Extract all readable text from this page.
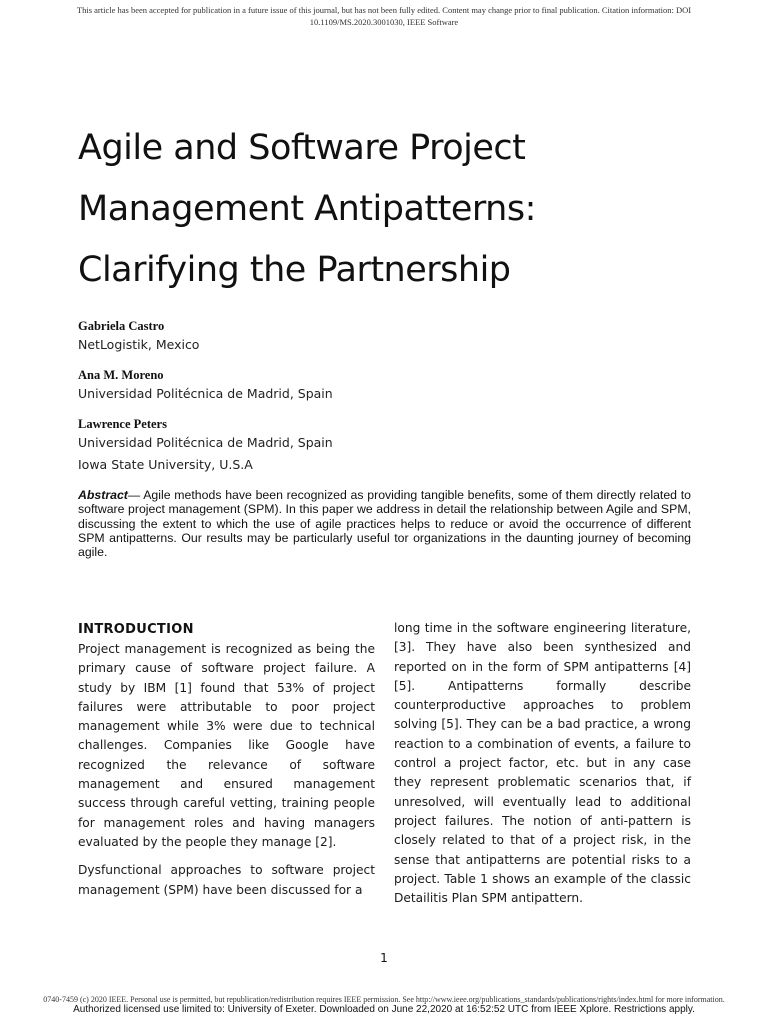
This article has been accepted for publication in a future issue of this journal, but has not been fully edited. Content may change prior to final publication. Citation information: DOI 10.1109/MS.2020.3001030, IEEE Software
Agile and Software Project
Management Antipatterns:
Clarifying the Partnership
Gabriela Castro
NetLogistik, Mexico
Ana M. Moreno
Universidad Politécnica de Madrid, Spain
Lawrence Peters
Universidad Politécnica de Madrid, Spain
Iowa State University, U.S.A
Abstract— Agile methods have been recognized as providing tangible benefits, some of them directly related to software project management (SPM). In this paper we address in detail the relationship between Agile and SPM, discussing the extent to which the use of agile practices helps to reduce or avoid the occurrence of different SPM antipatterns. Our results may be particularly useful tor organizations in the daunting journey of becoming agile.
INTRODUCTION

Project management is recognized as being the primary cause of software project failure. A study by IBM [1] found that 53% of project failures were attributable to poor project management while 3% were due to technical challenges. Companies like Google have recognized the relevance of software management and ensured management success through careful vetting, training people for management roles and having managers evaluated by the people they manage [2].

Dysfunctional approaches to software project management (SPM) have been discussed for a

long time in the software engineering literature, [3]. They have also been synthesized and reported on in the form of SPM antipatterns [4][5]. Antipatterns formally describe counterproductive approaches to problem solving [5]. They can be a bad practice, a wrong reaction to a combination of events, a failure to control a project factor, etc. but in any case they represent problematic scenarios that, if unresolved, will eventually lead to additional project failures. The notion of anti-pattern is closely related to that of a project risk, in the sense that antipatterns are potential risks to a project. Table 1 shows an example of the classic Detailitis Plan SPM antipattern.

1
0740-7459 (c) 2020 IEEE. Personal use is permitted, but republication/redistribution requires IEEE permission. See http://www.ieee.org/publications_standards/publications/rights/index.html for more information.
Authorized licensed use limited to: University of Exeter. Downloaded on June 22,2020 at 16:52:52 UTC from IEEE Xplore. Restrictions apply.
